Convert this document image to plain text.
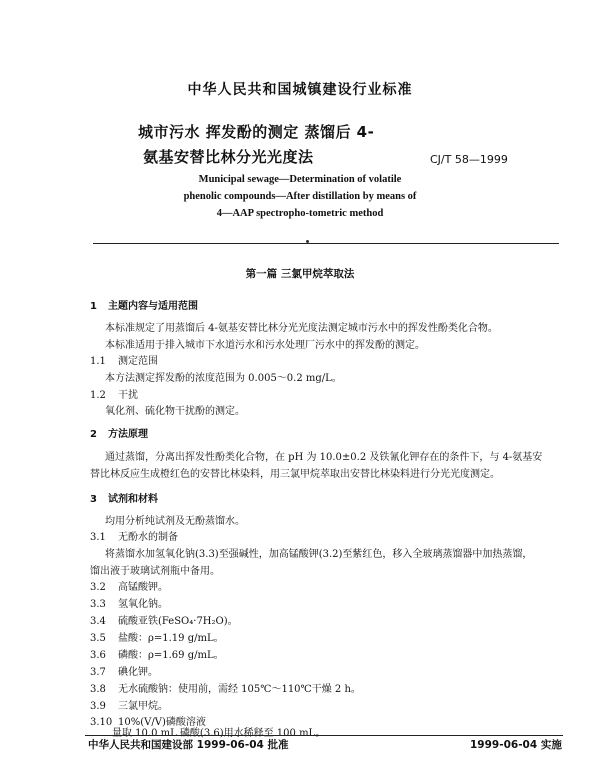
中华人民共和国城镇建设行业标准
城市污水 挥发酚的测定 蒸馏后 4-
氨基安替比林分光光度法	CJ/T 58—1999
Municipal sewage—Determination of volatile
phenolic compounds—After distillation by means of
4—AAP spectropho-tometric method
第一篇 三氯甲烷萃取法
1 主题内容与适用范围
本标准规定了用蒸馏后 4-氨基安替比林分光光度法测定城市污水中的挥发性酚类化合物。
本标准适用于排入城市下水道污水和污水处理厂污水中的挥发酚的测定。
1.1 测定范围
本方法测定挥发酚的浓度范围为 0.005～0.2 mg/L。
1.2 干扰
氧化剂、硫化物干扰酚的测定。
2 方法原理
通过蒸馏，分离出挥发性酚类化合物，在 pH 为 10.0±0.2 及铁氰化钾存在的条件下，与 4-氨基安
替比林反应生成橙红色的安替比林染料，用三氯甲烷萃取出安替比林染料进行分光光度测定。
3 试剂和材料
均用分析纯试剂及无酚蒸馏水。
3.1 无酚水的制备
将蒸馏水加氢氧化钠(3.3)至强碱性，加高锰酸钾(3.2)至紫红色，移入全玻璃蒸馏器中加热蒸馏，
馏出液于玻璃试剂瓶中备用。
3.2 高锰酸钾。
3.3 氢氧化钠。
3.4 硫酸亚铁(FeSO₄·7H₂O)。
3.5 盐酸：ρ=1.19 g/mL。
3.6 磷酸：ρ=1.69 g/mL。
3.7 碘化钾。
3.8 无水硫酸钠：使用前，需经 105℃～110℃干燥 2 h。
3.9 三氯甲烷。
3.10 10%(V/V)磷酸溶液
量取 10.0 mL 磷酸(3.6)用水稀释至 100 mL。
中华人民共和国建设部 1999-06-04 批准	1999-06-04 实施
